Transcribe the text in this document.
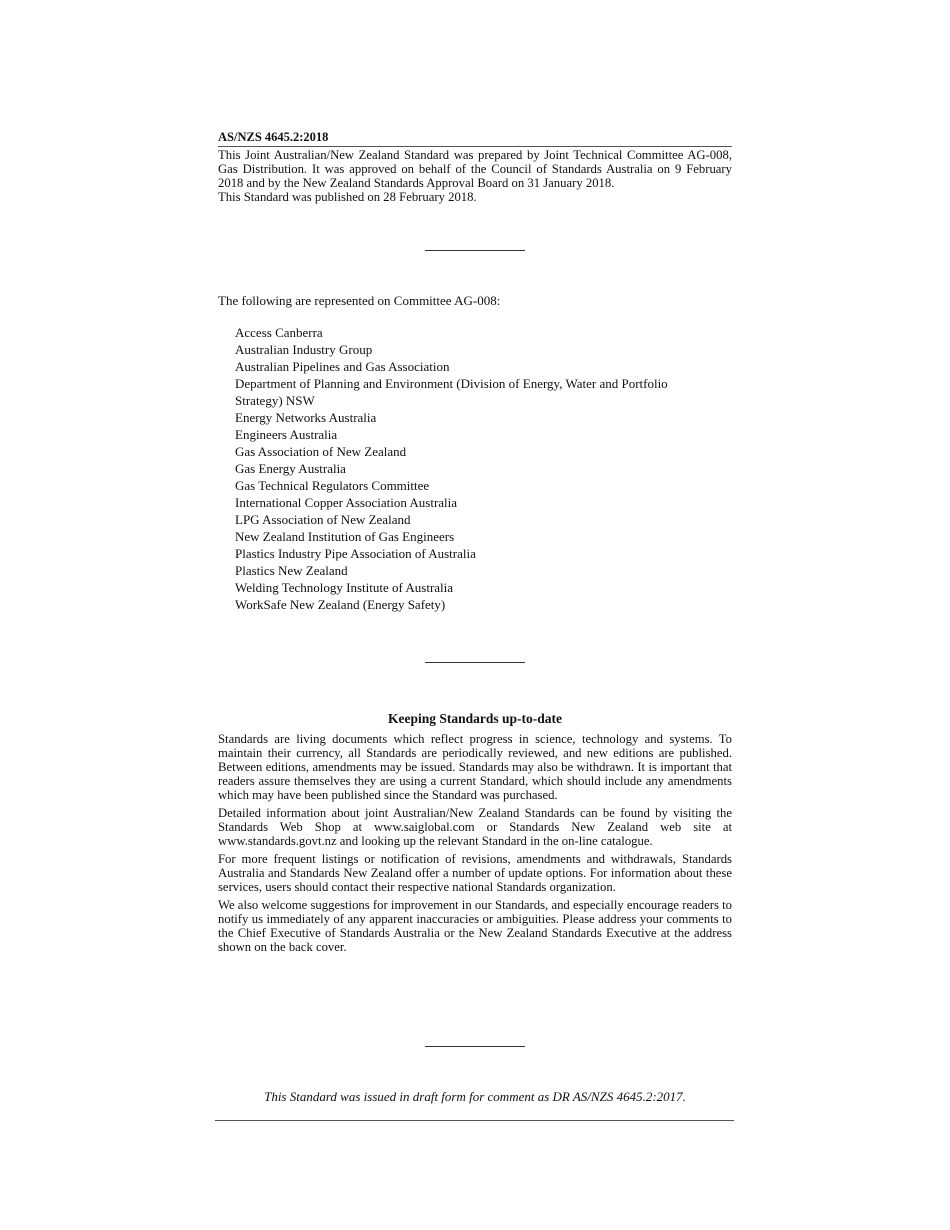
AS/NZS 4645.2:2018

This Joint Australian/New Zealand Standard was prepared by Joint Technical Committee AG-008, Gas Distribution. It was approved on behalf of the Council of Standards Australia on 9 February 2018 and by the New Zealand Standards Approval Board on 31 January 2018.

This Standard was published on 28 February 2018.

The following are represented on Committee AG-008:

Access Canberra
Australian Industry Group
Australian Pipelines and Gas Association
Department of Planning and Environment (Division of Energy, Water and Portfolio Strategy) NSW
Energy Networks Australia
Engineers Australia
Gas Association of New Zealand
Gas Energy Australia
Gas Technical Regulators Committee
International Copper Association Australia
LPG Association of New Zealand
New Zealand Institution of Gas Engineers
Plastics Industry Pipe Association of Australia
Plastics New Zealand
Welding Technology Institute of Australia
WorkSafe New Zealand (Energy Safety)
Keeping Standards up-to-date

Standards are living documents which reflect progress in science, technology and systems. To maintain their currency, all Standards are periodically reviewed, and new editions are published. Between editions, amendments may be issued. Standards may also be withdrawn. It is important that readers assure themselves they are using a current Standard, which should include any amendments which may have been published since the Standard was purchased.

Detailed information about joint Australian/New Zealand Standards can be found by visiting the Standards Web Shop at www.saiglobal.com or Standards New Zealand web site at www.standards.govt.nz and looking up the relevant Standard in the on-line catalogue.

For more frequent listings or notification of revisions, amendments and withdrawals, Standards Australia and Standards New Zealand offer a number of update options. For information about these services, users should contact their respective national Standards organization.

We also welcome suggestions for improvement in our Standards, and especially encourage readers to notify us immediately of any apparent inaccuracies or ambiguities. Please address your comments to the Chief Executive of Standards Australia or the New Zealand Standards Executive at the address shown on the back cover.

This Standard was issued in draft form for comment as DR AS/NZS 4645.2:2017.
